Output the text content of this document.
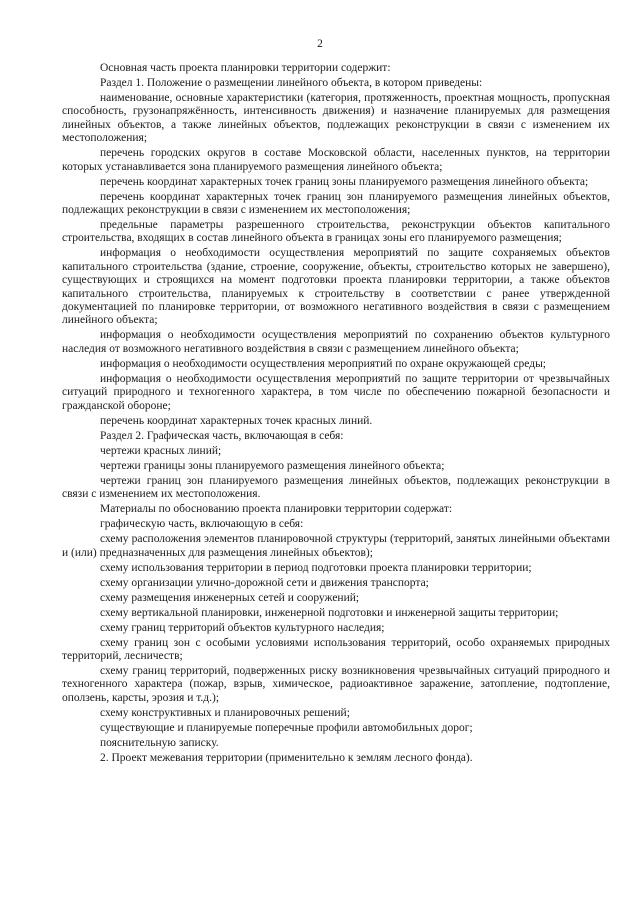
2

Основная часть проекта планировки территории содержит:

Раздел 1. Положение о размещении линейного объекта, в котором приведены:

наименование, основные характеристики (категория, протяженность, проектная мощность, пропускная способность, грузонапряжённость, интенсивность движения) и назначение планируемых для размещения линейных объектов, а также линейных объектов, подлежащих реконструкции в связи с изменением их местоположения;

перечень городских округов в составе Московской области, населенных пунктов, на территории которых устанавливается зона планируемого размещения линейного объекта;

перечень координат характерных точек границ зоны планируемого размещения линейного объекта;

перечень координат характерных точек границ зон планируемого размещения линейных объектов, подлежащих реконструкции в связи с изменением их местоположения;

предельные параметры разрешенного строительства, реконструкции объектов капитального строительства, входящих в состав линейного объекта в границах зоны его планируемого размещения;

информация о необходимости осуществления мероприятий по защите сохраняемых объектов капитального строительства (здание, строение, сооружение, объекты, строительство которых не завершено), существующих и строящихся на момент подготовки проекта планировки территории, а также объектов капитального строительства, планируемых к строительству в соответствии с ранее утвержденной документацией по планировке территории, от возможного негативного воздействия в связи с размещением линейного объекта;

информация о необходимости осуществления мероприятий по сохранению объектов культурного наследия от возможного негативного воздействия в связи с размещением линейного объекта;

информация о необходимости осуществления мероприятий по охране окружающей среды;

информация о необходимости осуществления мероприятий по защите территории от чрезвычайных ситуаций природного и техногенного характера, в том числе по обеспечению пожарной безопасности и гражданской обороне;

перечень координат характерных точек красных линий.

Раздел 2. Графическая часть, включающая в себя:

чертежи красных линий;

чертежи границы зоны планируемого размещения линейного объекта;

чертежи границ зон планируемого размещения линейных объектов, подлежащих реконструкции в связи с изменением их местоположения.

Материалы по обоснованию проекта планировки территории содержат:

графическую часть, включающую в себя:

схему расположения элементов планировочной структуры (территорий, занятых линейными объектами и (или) предназначенных для размещения линейных объектов);

схему использования территории в период подготовки проекта планировки территории;

схему организации улично-дорожной сети и движения транспорта;

схему размещения инженерных сетей и сооружений;

схему вертикальной планировки, инженерной подготовки и инженерной защиты территории;

схему границ территорий объектов культурного наследия;

схему границ зон с особыми условиями использования территорий, особо охраняемых природных территорий, лесничеств;

схему границ территорий, подверженных риску возникновения чрезвычайных ситуаций природного и техногенного характера (пожар, взрыв, химическое, радиоактивное заражение, затопление, подтопление, оползень, карсты, эрозия и т.д.);

схему конструктивных и планировочных решений;

существующие и планируемые поперечные профили автомобильных дорог;

пояснительную записку.

2. Проект межевания территории (применительно к землям лесного фонда).
